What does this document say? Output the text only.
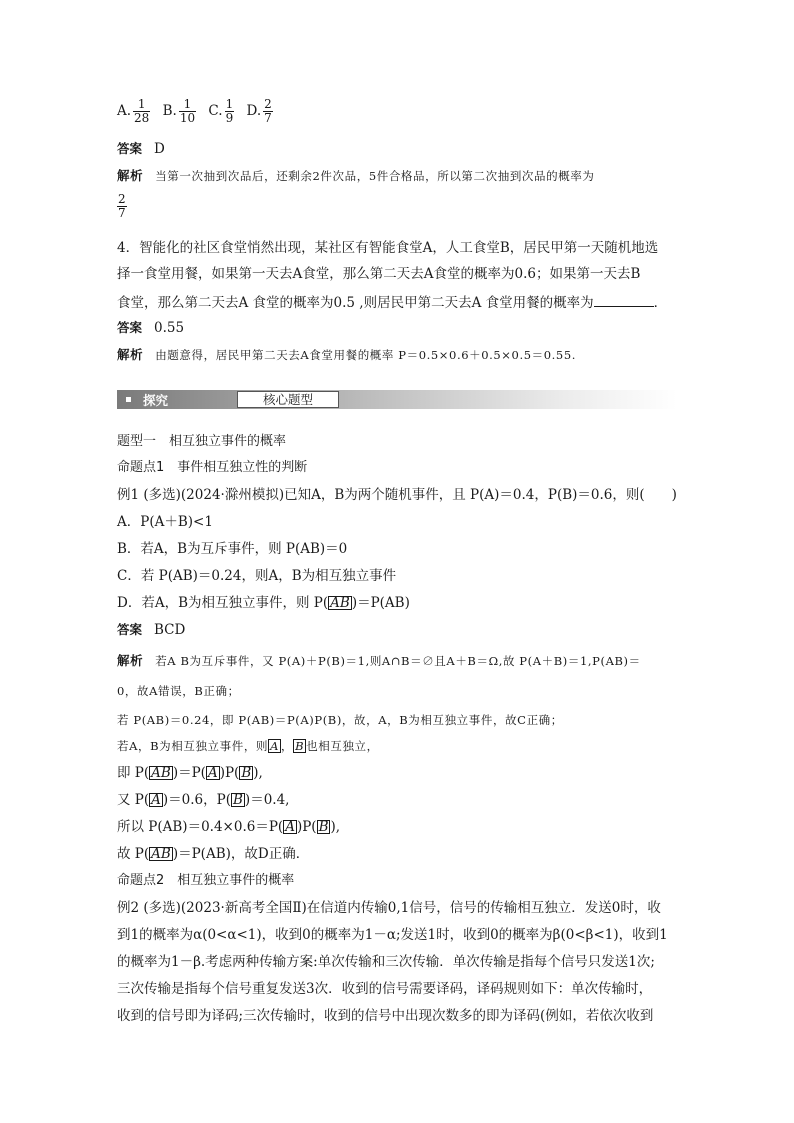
A. $\frac{1}{28} B$. $\frac{1}{10} C$. $\frac{1}{9} D$. $\frac{2}{7}$
答案 D
解析 当第一次抽到次品后，还剩余2件次品，5件合格品，所以第二次抽到次品的概率为
$\frac{2}{7}$
4．智能化的社区食堂悄然出现，某社区有智能食堂A，人工食堂B，居民甲第一天随机地选
择一食堂用餐，如果第一天去A食堂，那么第二天去A食堂的概率为0.6；如果第一天去B
食堂，那么第二天去A 食堂的概率为0.5 ,则居民甲第二天去A 食堂用餐的概率为	．
答案 0.55
解析 由题意得，居民甲第二天去A食堂用餐的概率 P＝0.5×0.6＋0.5×0.5＝0.55.
探究	核心题型
题型一　相互独立事件的概率
命题点1　事件相互独立性的判断
例1 (多选)(2024·滁州模拟)已知A，B为两个随机事件，且 P(A)＝0.4，P(B)＝0.6，则(　　)
A．P(A＋B)<1
B．若A，B为互斥事件，则 P(AB)＝0
C．若 P(AB)＝0.24，则A，B为相互独立事件
D．若A，B为相互独立事件，则 P( AB )＝P(AB)
答案 BCD
解析 若A B为互斥事件，又 P(A)＋P(B)＝1,则A∩B＝∅且A＋B＝Ω,故 P(A＋B)＝1,P(AB)＝
0，故A错误，B正确；
若 P(AB)＝0.24，即 P(AB)＝P(A)P(B)，故，A，B为相互独立事件，故C正确；
若A，B为相互独立事件，则 A ， B 也相互独立，
即 P( AB )＝P( A )P( B ),
又 P( A )＝0.6，P( B )＝0.4,
所以 P(AB)＝0.4×0.6＝P( A )P( B ),
故 P( AB )＝P(AB)，故D正确．
命题点2　相互独立事件的概率
例2 (多选)(2023·新高考全国Ⅱ)在信道内传输0,1信号，信号的传输相互独立．发送0时，收
到1的概率为α(0<α<1)，收到0的概率为1－α;发送1时，收到0的概率为β(0<β<1)，收到1
的概率为1－β.考虑两种传输方案:单次传输和三次传输．单次传输是指每个信号只发送1次;
三次传输是指每个信号重复发送3次．收到的信号需要译码，译码规则如下：单次传输时，
收到的信号即为译码;三次传输时，收到的信号中出现次数多的即为译码(例如，若依次收到
